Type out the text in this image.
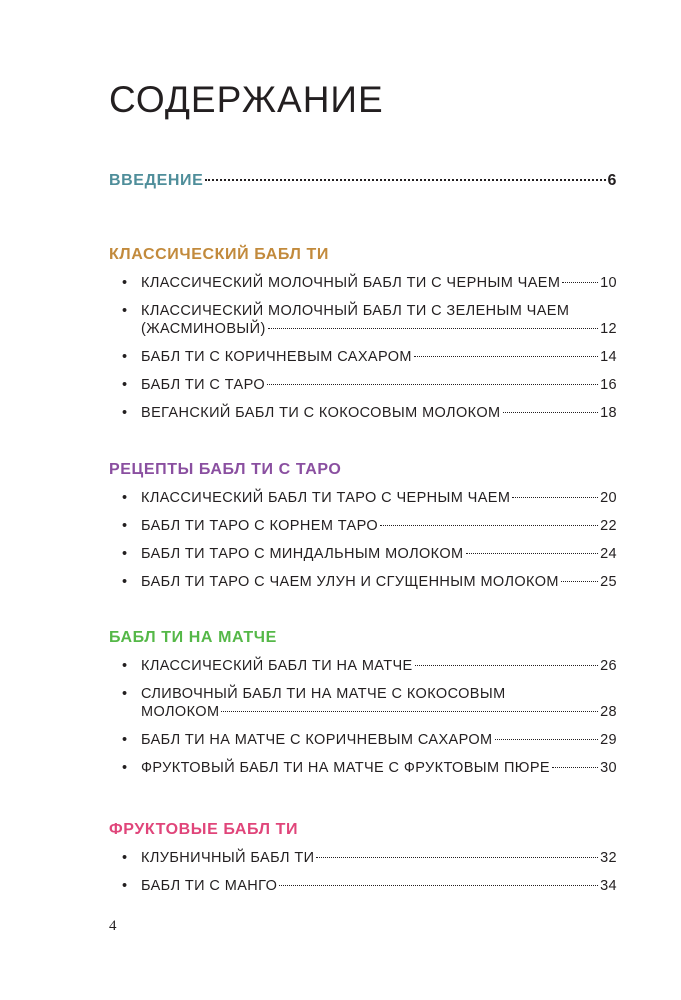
СОДЕРЖАНИЕ
ВВЕДЕНИЕ	6
КЛАССИЧЕСКИЙ БАБЛ ТИ
• КЛАССИЧЕСКИЙ МОЛОЧНЫЙ БАБЛ ТИ С ЧЕРНЫМ ЧАЕМ	10
• КЛАССИЧЕСКИЙ МОЛОЧНЫЙ БАБЛ ТИ С ЗЕЛЕНЫМ ЧАЕМ
(ЖАСМИНОВЫЙ)	12
• БАБЛ ТИ С КОРИЧНЕВЫМ САХАРОМ	14
• БАБЛ ТИ С ТАРО	16
• ВЕГАНСКИЙ БАБЛ ТИ С КОКОСОВЫМ МОЛОКОМ	18
РЕЦЕПТЫ БАБЛ ТИ С ТАРО
• КЛАССИЧЕСКИЙ БАБЛ ТИ ТАРО С ЧЕРНЫМ ЧАЕМ	20
• БАБЛ ТИ ТАРО С КОРНЕМ ТАРО	22
• БАБЛ ТИ ТАРО С МИНДАЛЬНЫМ МОЛОКОМ	24
• БАБЛ ТИ ТАРО С ЧАЕМ УЛУН И СГУЩЕННЫМ МОЛОКОМ	25
БАБЛ ТИ НА МАТЧЕ
• КЛАССИЧЕСКИЙ БАБЛ ТИ НА МАТЧЕ	26
• СЛИВОЧНЫЙ БАБЛ ТИ НА МАТЧЕ С КОКОСОВЫМ
МОЛОКОМ	28
• БАБЛ ТИ НА МАТЧЕ С КОРИЧНЕВЫМ САХАРОМ	29
• ФРУКТОВЫЙ БАБЛ ТИ НА МАТЧЕ С ФРУКТОВЫМ ПЮРЕ	30
ФРУКТОВЫЕ БАБЛ ТИ
• КЛУБНИЧНЫЙ БАБЛ ТИ	32
• БАБЛ ТИ С МАНГО	34
4
